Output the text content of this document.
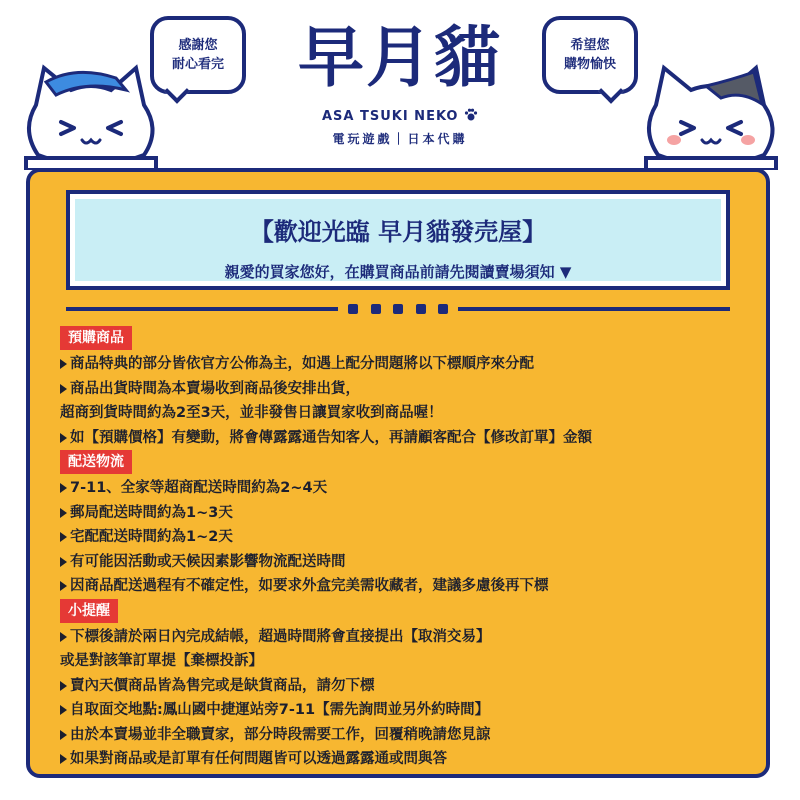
感謝您
耐心看完	早月貓
ASA TSUKI NEKO
電玩遊戲｜日本代購
希望您
購物愉快
【歡迎光臨 早月貓發売屋】
親愛的買家您好，在購買商品前請先閱讀賣場須知 ▼
預購商品
商品特典的部分皆依官方公佈為主，如遇上配分問題將以下標順序來分配
商品出貨時間為本賣場收到商品後安排出貨，
超商到貨時間約為2至3天，並非發售日讓買家收到商品喔！
如【預購價格】有變動，將會傳露露通告知客人，再請顧客配合【修改訂單】金額
配送物流
7-11、全家等超商配送時間約為2~4天
郵局配送時間約為1~3天
宅配配送時間約為1~2天
有可能因活動或天候因素影響物流配送時間
因商品配送過程有不確定性，如要求外盒完美需收藏者，建議多慮後再下標
小提醒
下標後請於兩日內完成結帳，超過時間將會直接提出【取消交易】
或是對該筆訂單提【棄標投訴】
賣內天價商品皆為售完或是缺貨商品，請勿下標
自取面交地點:鳳山國中捷運站旁7-11【需先詢問並另外約時間】
由於本賣場並非全職賣家，部分時段需要工作，回覆稍晚請您見諒
如果對商品或是訂單有任何問題皆可以透過露露通或問與答
